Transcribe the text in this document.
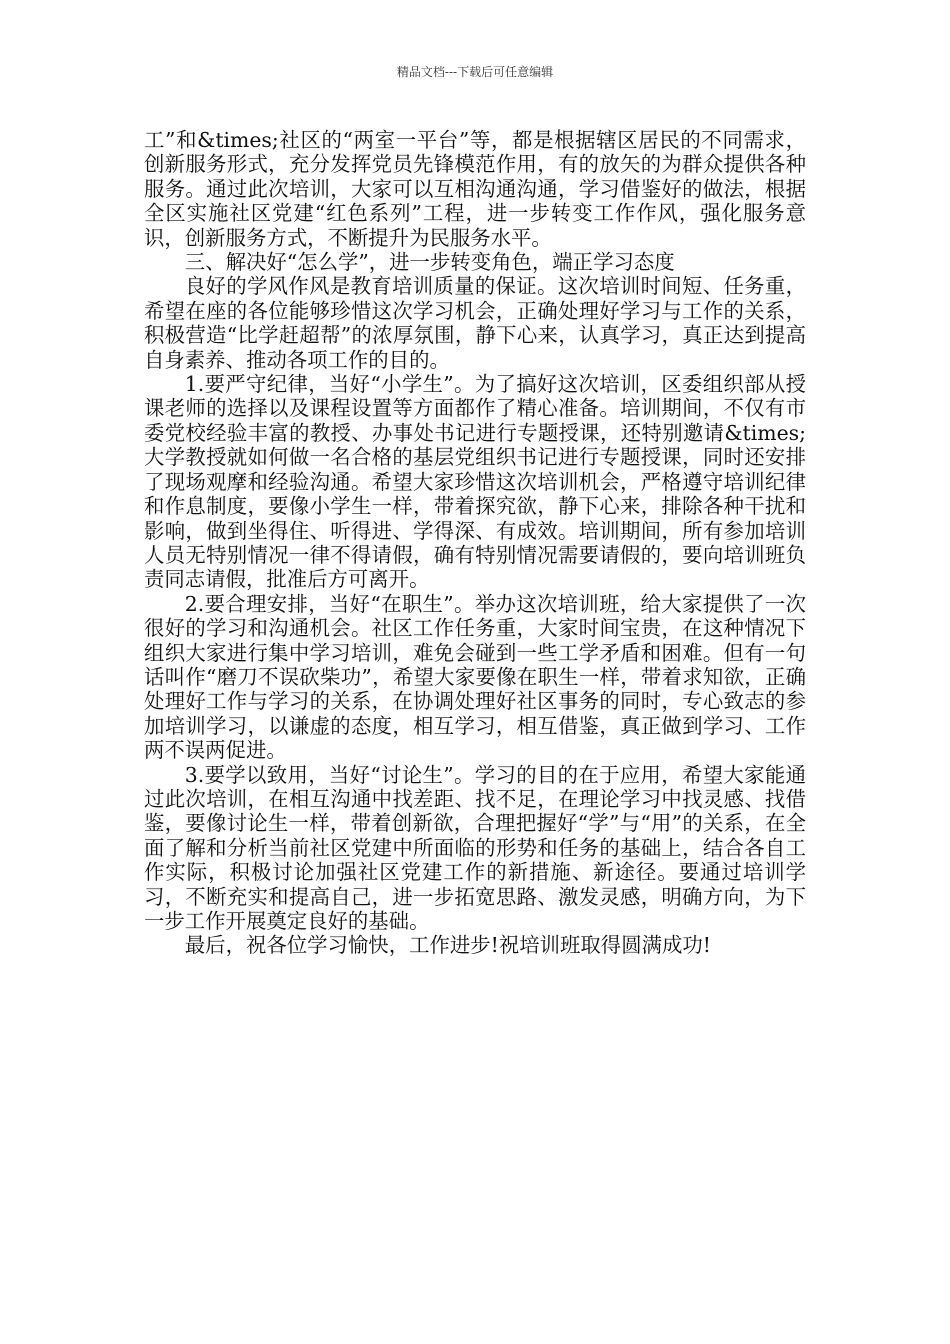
精品文档---下载后可任意编辑

工”和&times;社区的“两室一平台”等，都是根据辖区居民的不同需求，创新服务形式，充分发挥党员先锋模范作用，有的放矢的为群众提供各种服务。通过此次培训，大家可以互相沟通沟通，学习借鉴好的做法，根据全区实施社区党建“红色系列”工程，进一步转变工作作风，强化服务意识，创新服务方式，不断提升为民服务水平。

三、解决好“怎么学”，进一步转变角色，端正学习态度

良好的学风作风是教育培训质量的保证。这次培训时间短、任务重，希望在座的各位能够珍惜这次学习机会，正确处理好学习与工作的关系，积极营造“比学赶超帮”的浓厚氛围，静下心来，认真学习，真正达到提高自身素养、推动各项工作的目的。

1.要严守纪律，当好“小学生”。为了搞好这次培训，区委组织部从授课老师的选择以及课程设置等方面都作了精心准备。培训期间，不仅有市委党校经验丰富的教授、办事处书记进行专题授课，还特别邀请&times;大学教授就如何做一名合格的基层党组织书记进行专题授课，同时还安排了现场观摩和经验沟通。希望大家珍惜这次培训机会，严格遵守培训纪律和作息制度，要像小学生一样，带着探究欲，静下心来，排除各种干扰和影响，做到坐得住、听得进、学得深、有成效。培训期间，所有参加培训人员无特别情况一律不得请假，确有特别情况需要请假的，要向培训班负责同志请假，批准后方可离开。

2.要合理安排，当好“在职生”。举办这次培训班，给大家提供了一次很好的学习和沟通机会。社区工作任务重，大家时间宝贵，在这种情况下组织大家进行集中学习培训，难免会碰到一些工学矛盾和困难。但有一句话叫作“磨刀不误砍柴功”，希望大家要像在职生一样，带着求知欲，正确处理好工作与学习的关系，在协调处理好社区事务的同时，专心致志的参加培训学习，以谦虚的态度，相互学习，相互借鉴，真正做到学习、工作两不误两促进。

3.要学以致用，当好“讨论生”。学习的目的在于应用，希望大家能通过此次培训，在相互沟通中找差距、找不足，在理论学习中找灵感、找借鉴，要像讨论生一样，带着创新欲，合理把握好“学”与“用”的关系，在全面了解和分析当前社区党建中所面临的形势和任务的基础上，结合各自工作实际，积极讨论加强社区党建工作的新措施、新途径。要通过培训学习，不断充实和提高自己，进一步拓宽思路、激发灵感，明确方向，为下一步工作开展奠定良好的基础。

最后，祝各位学习愉快，工作进步!祝培训班取得圆满成功!
